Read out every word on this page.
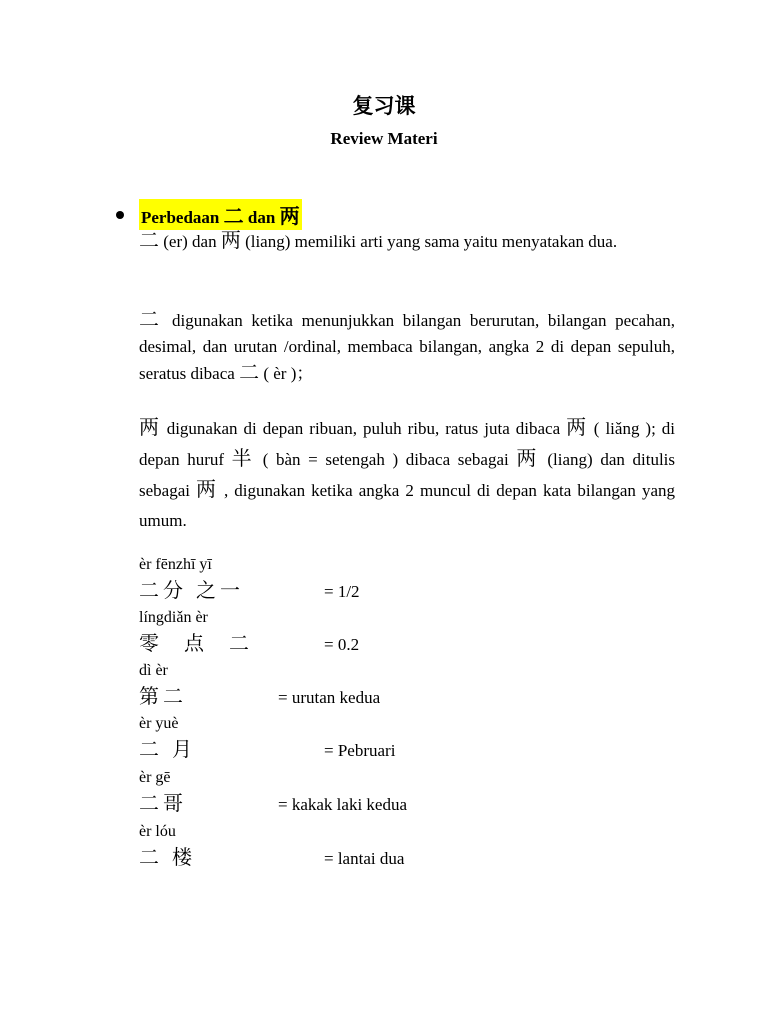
复习课
Review Materi
Perbedaan 二 dan 两
二 (er) dan 两 (liang) memiliki arti yang sama yaitu menyatakan dua.
二 digunakan ketika menunjukkan bilangan berurutan, bilangan pecahan, desimal, dan urutan /ordinal, membaca bilangan, angka 2 di depan sepuluh, seratus dibaca 二 ( èr )；
两 digunakan di depan ribuan, puluh ribu, ratus juta dibaca 两 ( liǎng ); di depan huruf 半 ( bàn = setengah ) dibaca sebagai 两 (liang) dan ditulis sebagai 两 , digunakan ketika angka 2 muncul di depan kata bilangan yang umum.
èr fēnzhī yī
二分 之一	= 1/2
língdiǎn èr
零 点 二	= 0.2
dì èr
第二	= urutan kedua
èr yuè
二 月	= Pebruari
èr gē
二哥	= kakak laki kedua
èr lóu
二 楼	= lantai dua
